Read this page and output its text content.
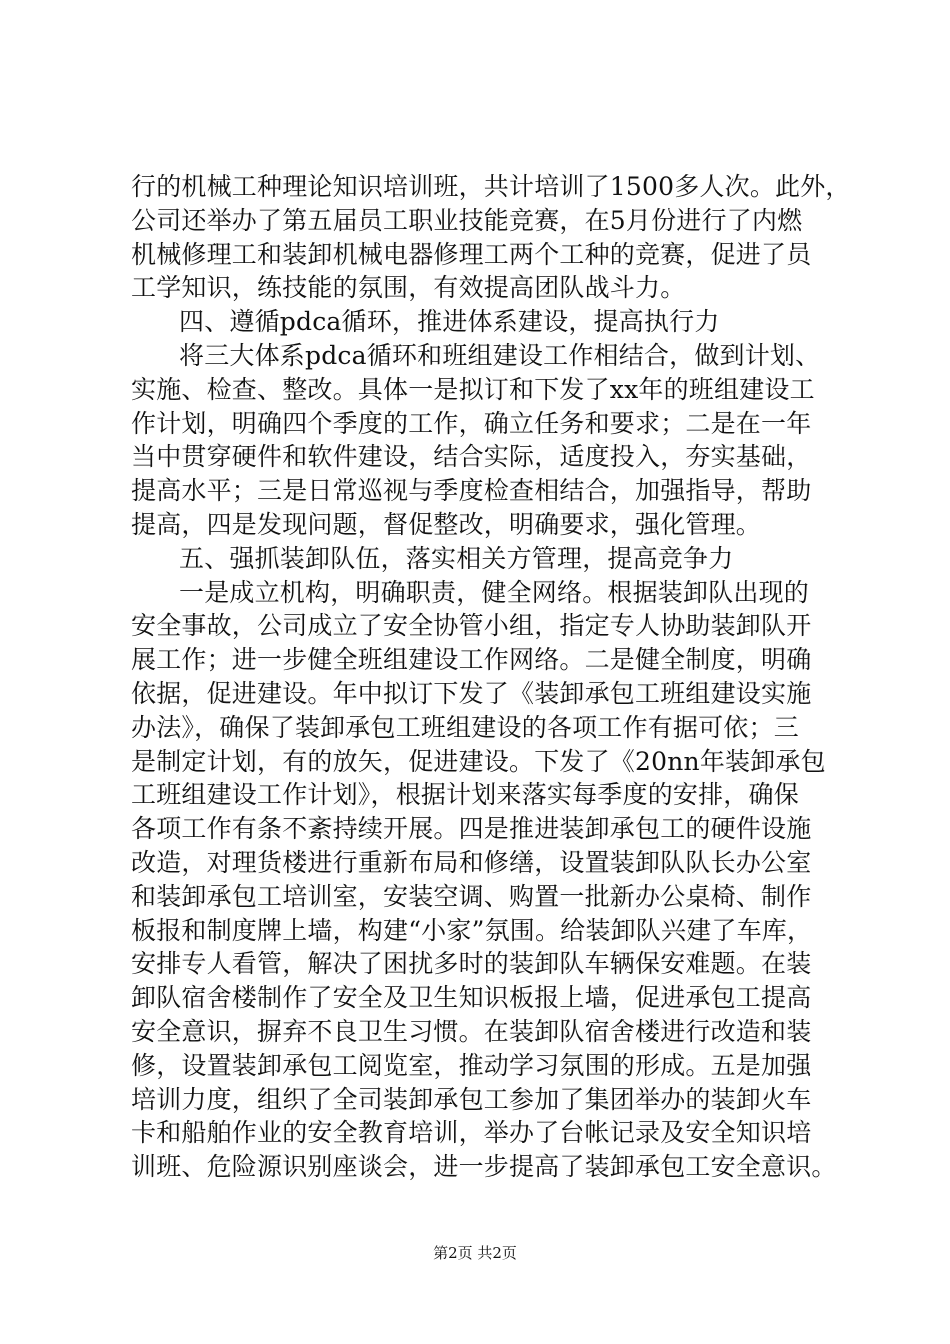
行的机械工种理论知识培训班，共计培训了1500多人次。此外，
公司还举办了第五届员工职业技能竞赛，在5月份进行了内燃
机械修理工和装卸机械电器修理工两个工种的竞赛，促进了员
工学知识，练技能的氛围，有效提高团队战斗力。
四、遵循pdca循环，推进体系建设，提高执行力
将三大体系pdca循环和班组建设工作相结合，做到计划、
实施、检查、整改。具体一是拟订和下发了xx年的班组建设工
作计划，明确四个季度的工作，确立任务和要求；二是在一年
当中贯穿硬件和软件建设，结合实际，适度投入，夯实基础，
提高水平；三是日常巡视与季度检查相结合，加强指导，帮助
提高，四是发现问题，督促整改，明确要求，强化管理。
五、强抓装卸队伍，落实相关方管理，提高竞争力
一是成立机构，明确职责，健全网络。根据装卸队出现的
安全事故，公司成立了安全协管小组，指定专人协助装卸队开
展工作；进一步健全班组建设工作网络。二是健全制度，明确
依据，促进建设。年中拟订下发了《装卸承包工班组建设实施
办法》，确保了装卸承包工班组建设的各项工作有据可依；三
是制定计划，有的放矢，促进建设。下发了《20nn年装卸承包
工班组建设工作计划》，根据计划来落实每季度的安排，确保
各项工作有条不紊持续开展。四是推进装卸承包工的硬件设施
改造，对理货楼进行重新布局和修缮，设置装卸队队长办公室
和装卸承包工培训室，安装空调、购置一批新办公桌椅、制作
板报和制度牌上墙，构建“小家”氛围。给装卸队兴建了车库，
安排专人看管，解决了困扰多时的装卸队车辆保安难题。在装
卸队宿舍楼制作了安全及卫生知识板报上墙，促进承包工提高
安全意识，摒弃不良卫生习惯。在装卸队宿舍楼进行改造和装
修，设置装卸承包工阅览室，推动学习氛围的形成。五是加强
培训力度，组织了全司装卸承包工参加了集团举办的装卸火车
卡和船舶作业的安全教育培训，举办了台帐记录及安全知识培
训班、危险源识别座谈会，进一步提高了装卸承包工安全意识。
第2页 共2页
